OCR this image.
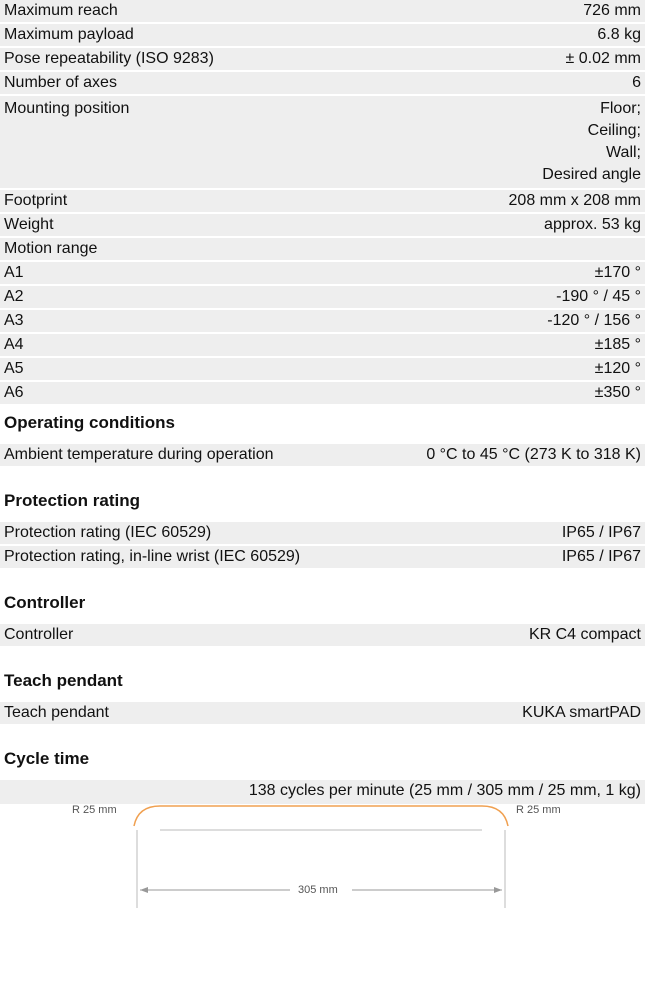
Maximum reach	726 mm
Maximum payload	6.8 kg
Pose repeatability (ISO 9283)	± 0.02 mm
Number of axes	6
Mounting position	Floor;
Ceiling;
Wall;
Desired angle
Footprint	208 mm x 208 mm
Weight	approx. 53 kg
Motion range
A1	±170 °
A2	-190 ° / 45 °
A3	-120 ° / 156 °
A4	±185 °
A5	±120 °
A6	±350 °
Operating conditions
Ambient temperature during operation	0 °C to 45 °C (273 K to 318 K)
Protection rating
Protection rating (IEC 60529)	IP65 / IP67
Protection rating, in-line wrist (IEC 60529)	IP65 / IP67
Controller
Controller	KR C4 compact
Teach pendant
Teach pendant	KUKA smartPAD
Cycle time
138 cycles per minute (25 mm / 305 mm / 25 mm, 1 kg)
R 25 mm	R 25 mm
305 mm
